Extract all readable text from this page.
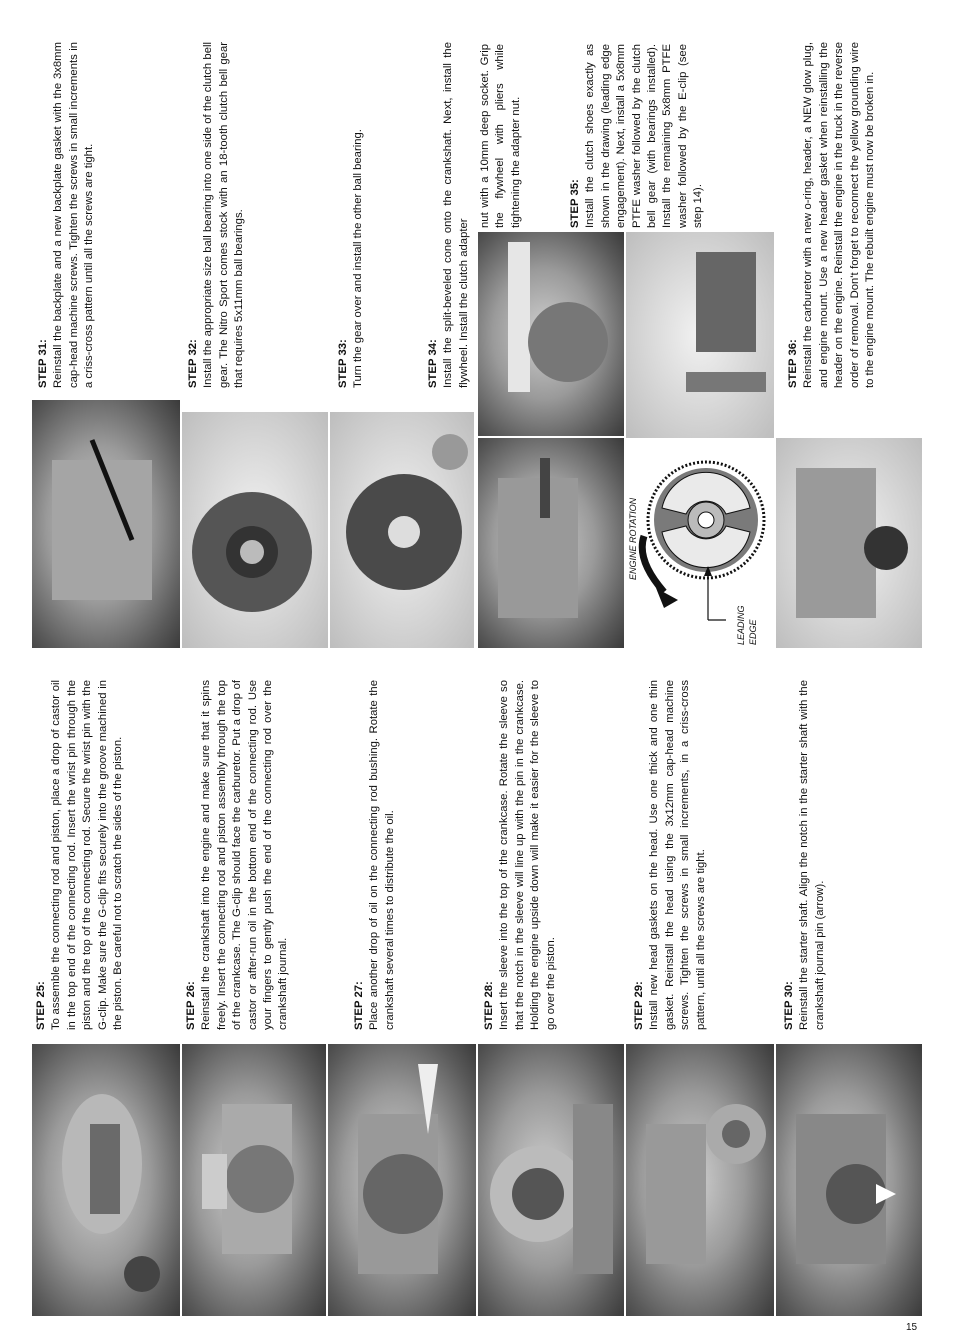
ENGINE ROTATION
LEADING EDGE
STEP 25: To assemble the connecting rod and piston, place a drop of castor oil in the top end of the connecting rod. Insert the wrist pin through the piston and the top of the connecting rod. Secure the wrist pin with the G-clip. Make sure the G-clip fits securely into the groove machined in the piston. Be careful not to scratch the sides of the piston.	STEP 26: Reinstall the crankshaft into the engine and make sure that it spins freely. Insert the connecting rod and piston assembly through the top of the crankcase. The G-clip should face the carburetor. Put a drop of castor or after-run oil in the bottom end of the connecting rod. Use your fingers to gently push the end of the connecting rod over the crankshaft journal.	STEP 27: Place another drop of oil on the connecting rod bushing. Rotate the crankshaft several times to distribute the oil.	STEP 28: Insert the sleeve into the top of the crankcase. Rotate the sleeve so that the notch in the sleeve will line up with the pin in the crankcase. Holding the engine upside down will make it easier for the sleeve to go over the piston.	STEP 29: Install new head gaskets on the head. Use one thick and one thin gasket. Reinstall the head using the 3x12mm cap-head machine screws. Tighten the screws in small increments, in a criss-cross pattern, until all the screws are tight.	STEP 30: Reinstall the starter shaft. Align the notch in the starter shaft with the crankshaft journal pin (arrow).

STEP 31: Reinstall the backplate and a new backplate gasket with the 3x8mm cap-head machine screws. Tighten the screws in small increments in a criss-cross pattern until all the screws are tight.	STEP 32: Install the appropriate size ball bearing into one side of the clutch bell gear. The Nitro Sport comes stock with an 18-tooth clutch bell gear that requires 5x11mm ball bearings.	STEP 33: Turn the gear over and install the other ball bearing.	STEP 34: Install the split-beveled cone onto the crankshaft. Next, install the flywheel. Install the clutch adapter

nut with a 10mm deep socket. Grip the flywheel with pliers while tightening the adapter nut.	STEP 35: Install the clutch shoes exactly as shown in the drawing (leading edge engagement). Next, install a 5x8mm PTFE washer followed by the clutch bell gear (with bearings installed). Install the remaining 5x8mm PTFE washer followed by the E-clip (see step 14).

STEP 36: Reinstall the carburetor with a new o-ring, header, a NEW glow plug, and engine mount. Use a new header gasket when reinstalling the header on the engine. Reinstall the engine in the truck in the reverse order of removal. Don't forget to reconnect the yellow grounding wire to the engine mount. The rebuilt engine must now be broken in.

15
